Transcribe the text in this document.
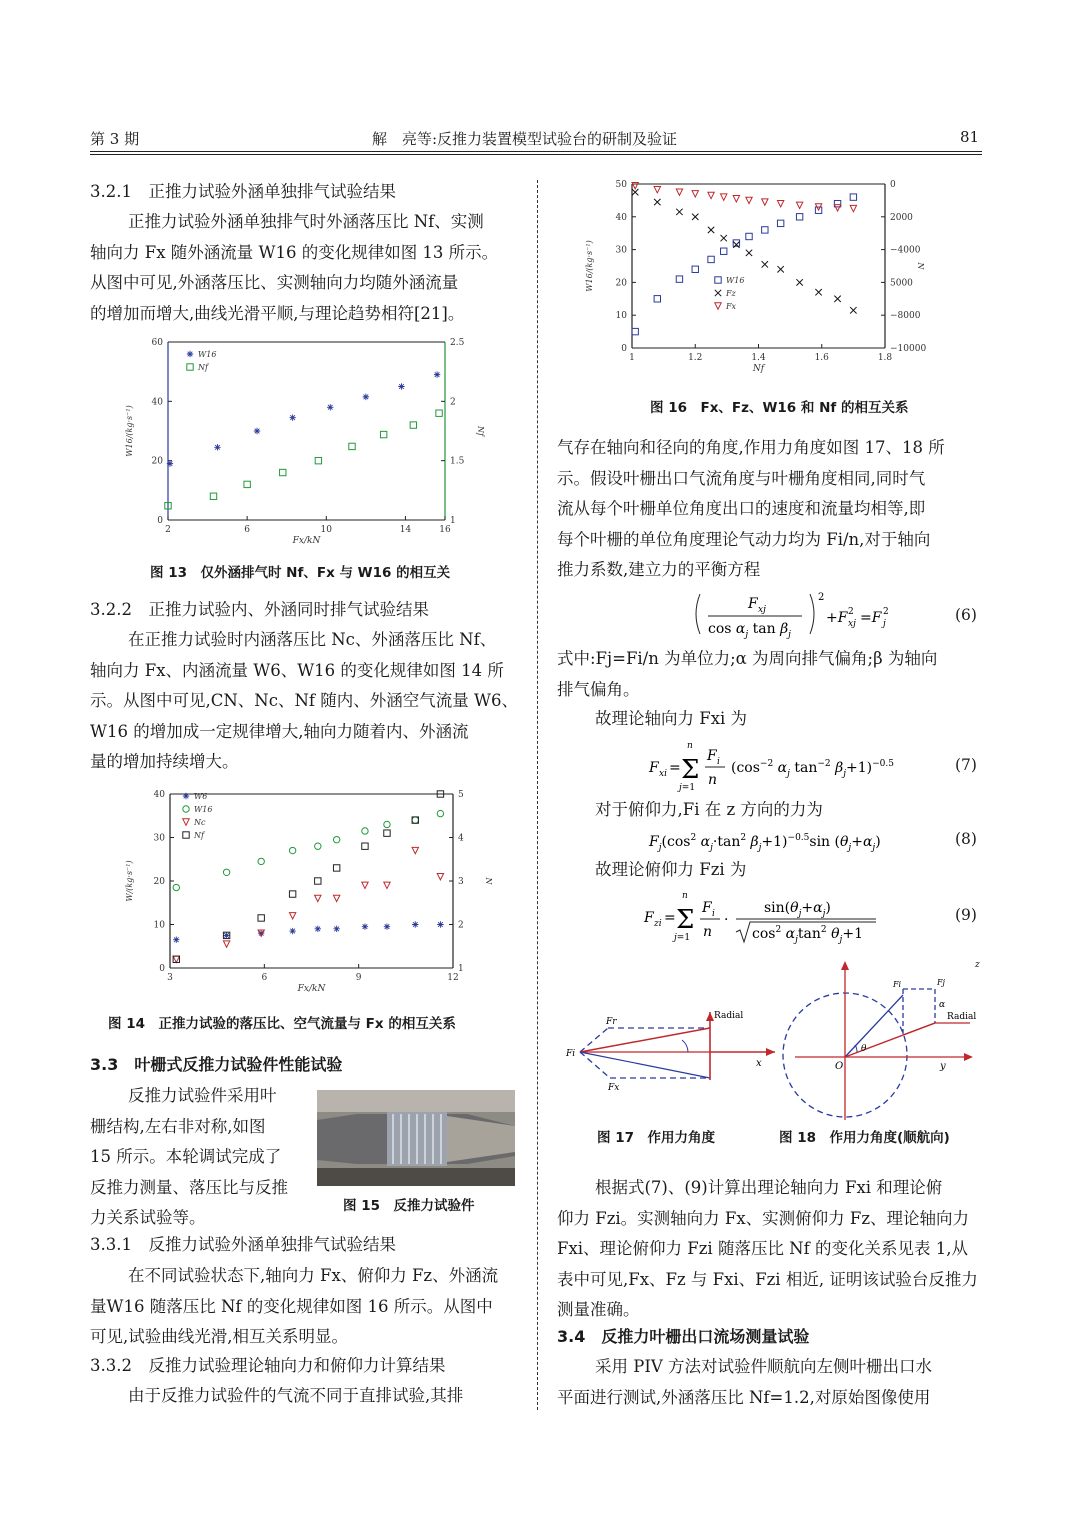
第 3 期	解　亮等:反推力装置模型试验台的研制及验证	81
3.2.1　正推力试验外涵单独排气试验结果
正推力试验外涵单独排气时外涵落压比 Nf、实测
轴向力 Fx 随外涵流量 W16 的变化规律如图 13 所示。
从图中可见,外涵落压比、实测轴向力均随外涵流量
的增加而增大,曲线光滑平顺,与理论趋势相符[21]。
2	6	10	14	16
0
20
40
60
1
1.5
2
2.5
Fx/kN
W16/(kg·s⁻¹)	Nf
W16
Nf
图 13　仅外涵排气时 Nf、Fx 与 W16 的相互关
3.2.2　正推力试验内、外涵同时排气试验结果
在正推力试验时内涵落压比 Nc、外涵落压比 Nf、
轴向力 Fx、内涵流量 W6、W16 的变化规律如图 14 所
示。从图中可见,CN、Nc、Nf 随内、外涵空气流量 W6、
W16 的增加成一定规律增大,轴向力随着内、外涵流
量的增加持续增大。
3	6	9	12
0
10
20
30
40
1
2
3
4
5
Fx/kN
W/(kg·s⁻¹)	N
W6
W16
Nc
Nf
图 14　正推力试验的落压比、空气流量与 Fx 的相互关系
3.3　叶栅式反推力试验件性能试验
反推力试验件采用叶
栅结构,左右非对称,如图
15 所示。本轮调试完成了
反推力测量、落压比与反推
力关系试验等。
图 15　反推力试验件
3.3.1　反推力试验外涵单独排气试验结果
在不同试验状态下,轴向力 Fx、俯仰力 Fz、外涵流
量W16 随落压比 Nf 的变化规律如图 16 所示。从图中
可见,试验曲线光滑,相互关系明显。
3.3.2　反推力试验理论轴向力和俯仰力计算结果
由于反推力试验件的气流不同于直排试验,其排
1	1.2	1.4	1.6	1.8
0
10
20
30
40
50	0
2000
−4000
5000
−8000
−10000
Nf
W16/(kg·s⁻¹)	N
W16
Fz
Fx
图 16　Fx、Fz、W16 和 Nf 的相互关系
气存在轴向和径向的角度,作用力角度如图 17、18 所
示。假设叶栅出口气流角度与叶栅角度相同,同时气
流从每个叶栅单位角度出口的速度和流量均相等,即
每个叶栅的单位角度理论气动力均为 Fi/n,对于轴向
推力系数,建立力的平衡方程
F xj
$\cos \alpha_j$ $\tan \beta_j$
2
+F 2
xj =F 2
j	(6)
式中:Fj=Fi/n 为单位力;α 为周向排气偏角;β 为轴向
排气偏角。
故理论轴向力 Fxi 为
F xi = Σ
n
j=1
F i
n
($\cos^{-2}$ $\alpha_j$ $\tan^{-2} \beta_j+1)^{-0.5}$	(7)
对于俯仰力,Fi 在 z 方向的力为
$F_j(\cos^2$ $\alpha_j\cdot\tan^2$ $\beta_j+1)^{-0.5}\sin$ $(\theta_j+\alpha_j)$	(8)
故理论俯仰力 Fzi 为
F zi = Σ
n
j=1
F i
n
·
$\sin(\theta_j+\alpha_j)$
$\cos^2 \alpha_j\tan^2$ $\theta_j+1$
(9)
Radial
x
Fi
Fr
Fx
图 17　作用力角度
z
y
O
Fi	Fj
α
θ
Radial
图 18　作用力角度(顺航向)
根据式(7)、(9)计算出理论轴向力 Fxi 和理论俯
仰力 Fzi。实测轴向力 Fx、实测俯仰力 Fz、理论轴向力
Fxi、理论俯仰力 Fzi 随落压比 Nf 的变化关系见表 1,从
表中可见,Fx、Fz 与 Fxi、Fzi 相近, 证明该试验台反推力
测量准确。
3.4　反推力叶栅出口流场测量试验
采用 PIV 方法对试验件顺航向左侧叶栅出口水
平面进行测试,外涵落压比 Nf=1.2,对原始图像使用
